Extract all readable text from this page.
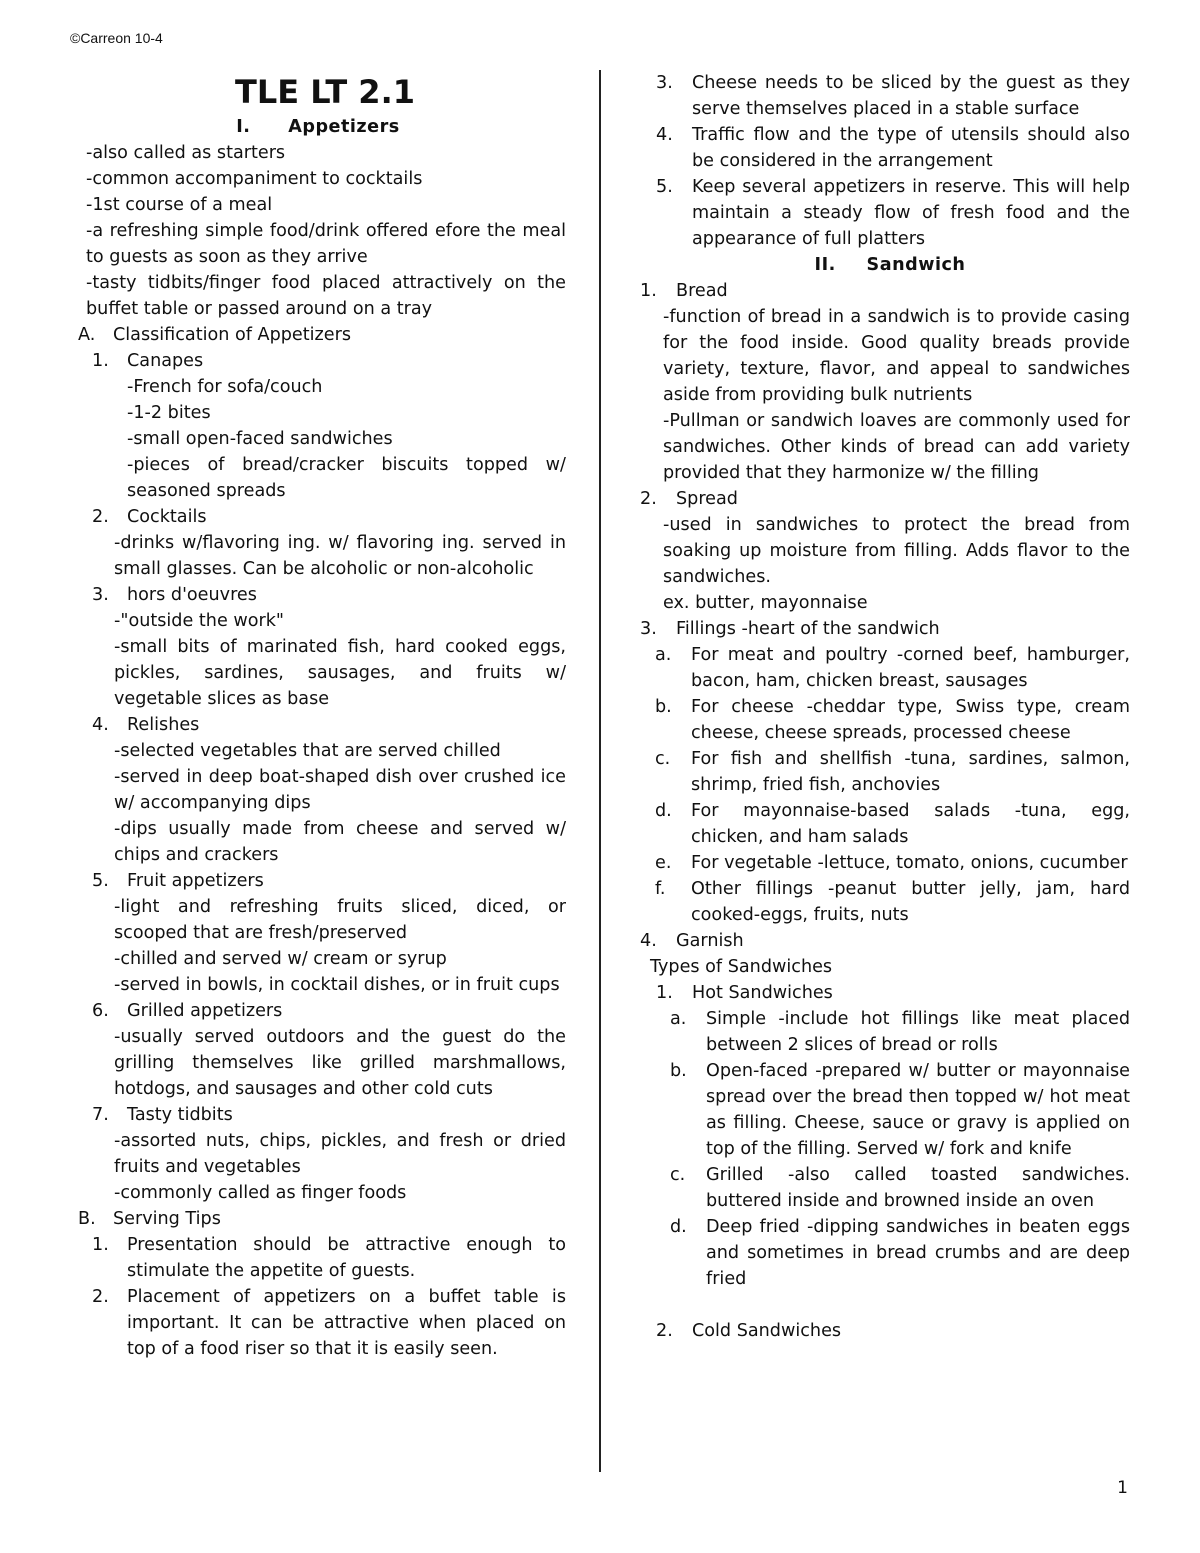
©Carreon 10-4
TLE LT 2.1
I. Appetizers
-also called as starters
-common accompaniment to cocktails
-1st course of a meal
-a refreshing simple food/drink offered efore the meal to guests as soon as they arrive
-tasty tidbits/finger food placed attractively on the buffet table or passed around on a tray
A.	Classification of Appetizers
1.	Canapes
-French for sofa/couch
-1-2 bites
-small open-faced sandwiches
-pieces of bread/cracker biscuits topped w/ seasoned spreads
2.	Cocktails
-drinks w/flavoring ing. w/ flavoring ing. served in small glasses. Can be alcoholic or non-alcoholic
3.	hors d'oeuvres
-"outside the work"
-small bits of marinated fish, hard cooked eggs, pickles, sardines, sausages, and fruits w/ vegetable slices as base
4.	Relishes
-selected vegetables that are served chilled
-served in deep boat-shaped dish over crushed ice w/ accompanying dips
-dips usually made from cheese and served w/ chips and crackers
5.	Fruit appetizers
-light and refreshing fruits sliced, diced, or scooped that are fresh/preserved
-chilled and served w/ cream or syrup
-served in bowls, in cocktail dishes, or in fruit cups
6.	Grilled appetizers
-usually served outdoors and the guest do the grilling themselves like grilled marshmallows, hotdogs, and sausages and other cold cuts
7.	Tasty tidbits
-assorted nuts, chips, pickles, and fresh or dried fruits and vegetables
-commonly called as finger foods
B. Serving Tips
1.	Presentation should be attractive enough to stimulate the appetite of guests.
2.	Placement of appetizers on a buffet table is important. It can be attractive when placed on top of a food riser so that it is easily seen.
3.	Cheese needs to be sliced by the guest as they serve themselves placed in a stable surface
4.	Traffic flow and the type of utensils should also be considered in the arrangement
5.	Keep several appetizers in reserve. This will help maintain a steady flow of fresh food and the appearance of full platters
II. Sandwich
1.	Bread
-function of bread in a sandwich is to provide casing for the food inside. Good quality breads provide variety, texture, flavor, and appeal to sandwiches aside from providing bulk nutrients
-Pullman or sandwich loaves are commonly used for sandwiches. Other kinds of bread can add variety provided that they harmonize w/ the filling
2.	Spread
-used in sandwiches to protect the bread from soaking up moisture from filling. Adds flavor to the sandwiches.
ex. butter, mayonnaise
3.	Fillings -heart of the sandwich
a.	For meat and poultry -corned beef, hamburger, bacon, ham, chicken breast, sausages
b.	For cheese -cheddar type, Swiss type, cream cheese, cheese spreads, processed cheese
c.	For fish and shellfish -tuna, sardines, salmon, shrimp, fried fish, anchovies
d.	For mayonnaise-based salads -tuna, egg, chicken, and ham salads
e.	For vegetable -lettuce, tomato, onions, cucumber
f.	Other fillings -peanut butter jelly, jam, hard cooked-eggs, fruits, nuts
4.	Garnish
Types of Sandwiches
1.	Hot Sandwiches
a.	Simple -include hot fillings like meat placed between 2 slices of bread or rolls
b.	Open-faced -prepared w/ butter or mayonnaise spread over the bread then topped w/ hot meat as filling. Cheese, sauce or gravy is applied on top of the filling. Served w/ fork and knife
c.	Grilled -also called toasted sandwiches. buttered inside and browned inside an oven
d.	Deep fried -dipping sandwiches in beaten eggs and sometimes in bread crumbs and are deep fried
2.	Cold Sandwiches
1
